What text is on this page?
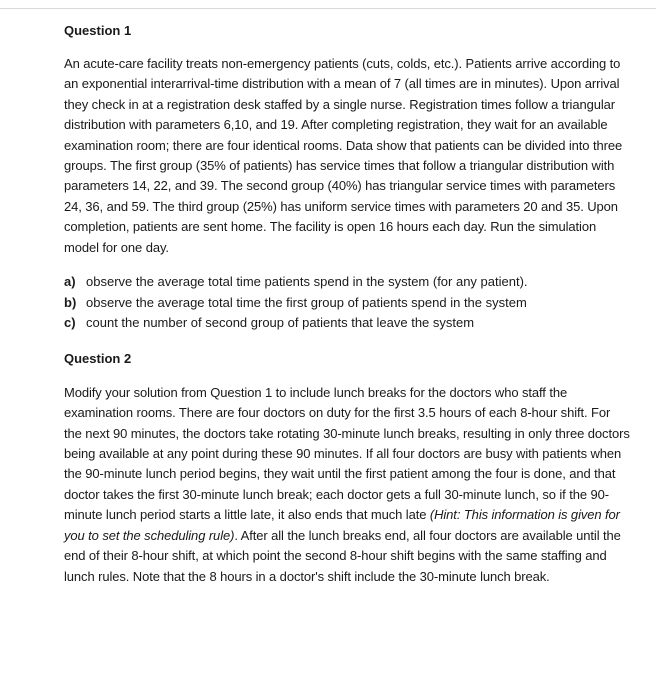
Question 1

An acute-care facility treats non-emergency patients (cuts, colds, etc.). Patients arrive according to an exponential interarrival-time distribution with a mean of 7 (all times are in minutes). Upon arrival they check in at a registration desk staffed by a single nurse. Registration times follow a triangular distribution with parameters 6,10, and 19. After completing registration, they wait for an available examination room; there are four identical rooms. Data show that patients can be divided into three groups. The first group (35% of patients) has service times that follow a triangular distribution with parameters 14, 22, and 39. The second group (40%) has triangular service times with parameters 24, 36, and 59. The third group (25%) has uniform service times with parameters 20 and 35. Upon completion, patients are sent home. The facility is open 16 hours each day. Run the simulation model for one day.

a) observe the average total time patients spend in the system (for any patient).
b) observe the average total time the first group of patients spend in the system
c) count the number of second group of patients that leave the system
Question 2

Modify your solution from Question 1 to include lunch breaks for the doctors who staff the examination rooms. There are four doctors on duty for the first 3.5 hours of each 8-hour shift. For the next 90 minutes, the doctors take rotating 30-minute lunch breaks, resulting in only three doctors being available at any point during these 90 minutes. If all four doctors are busy with patients when the 90-minute lunch period begins, they wait until the first patient among the four is done, and that doctor takes the first 30-minute lunch break; each doctor gets a full 30-minute lunch, so if the 90-minute lunch period starts a little late, it also ends that much late (Hint: This information is given for you to set the scheduling rule). After all the lunch breaks end, all four doctors are available until the end of their 8-hour shift, at which point the second 8-hour shift begins with the same staffing and lunch rules. Note that the 8 hours in a doctor's shift include the 30-minute lunch break.
